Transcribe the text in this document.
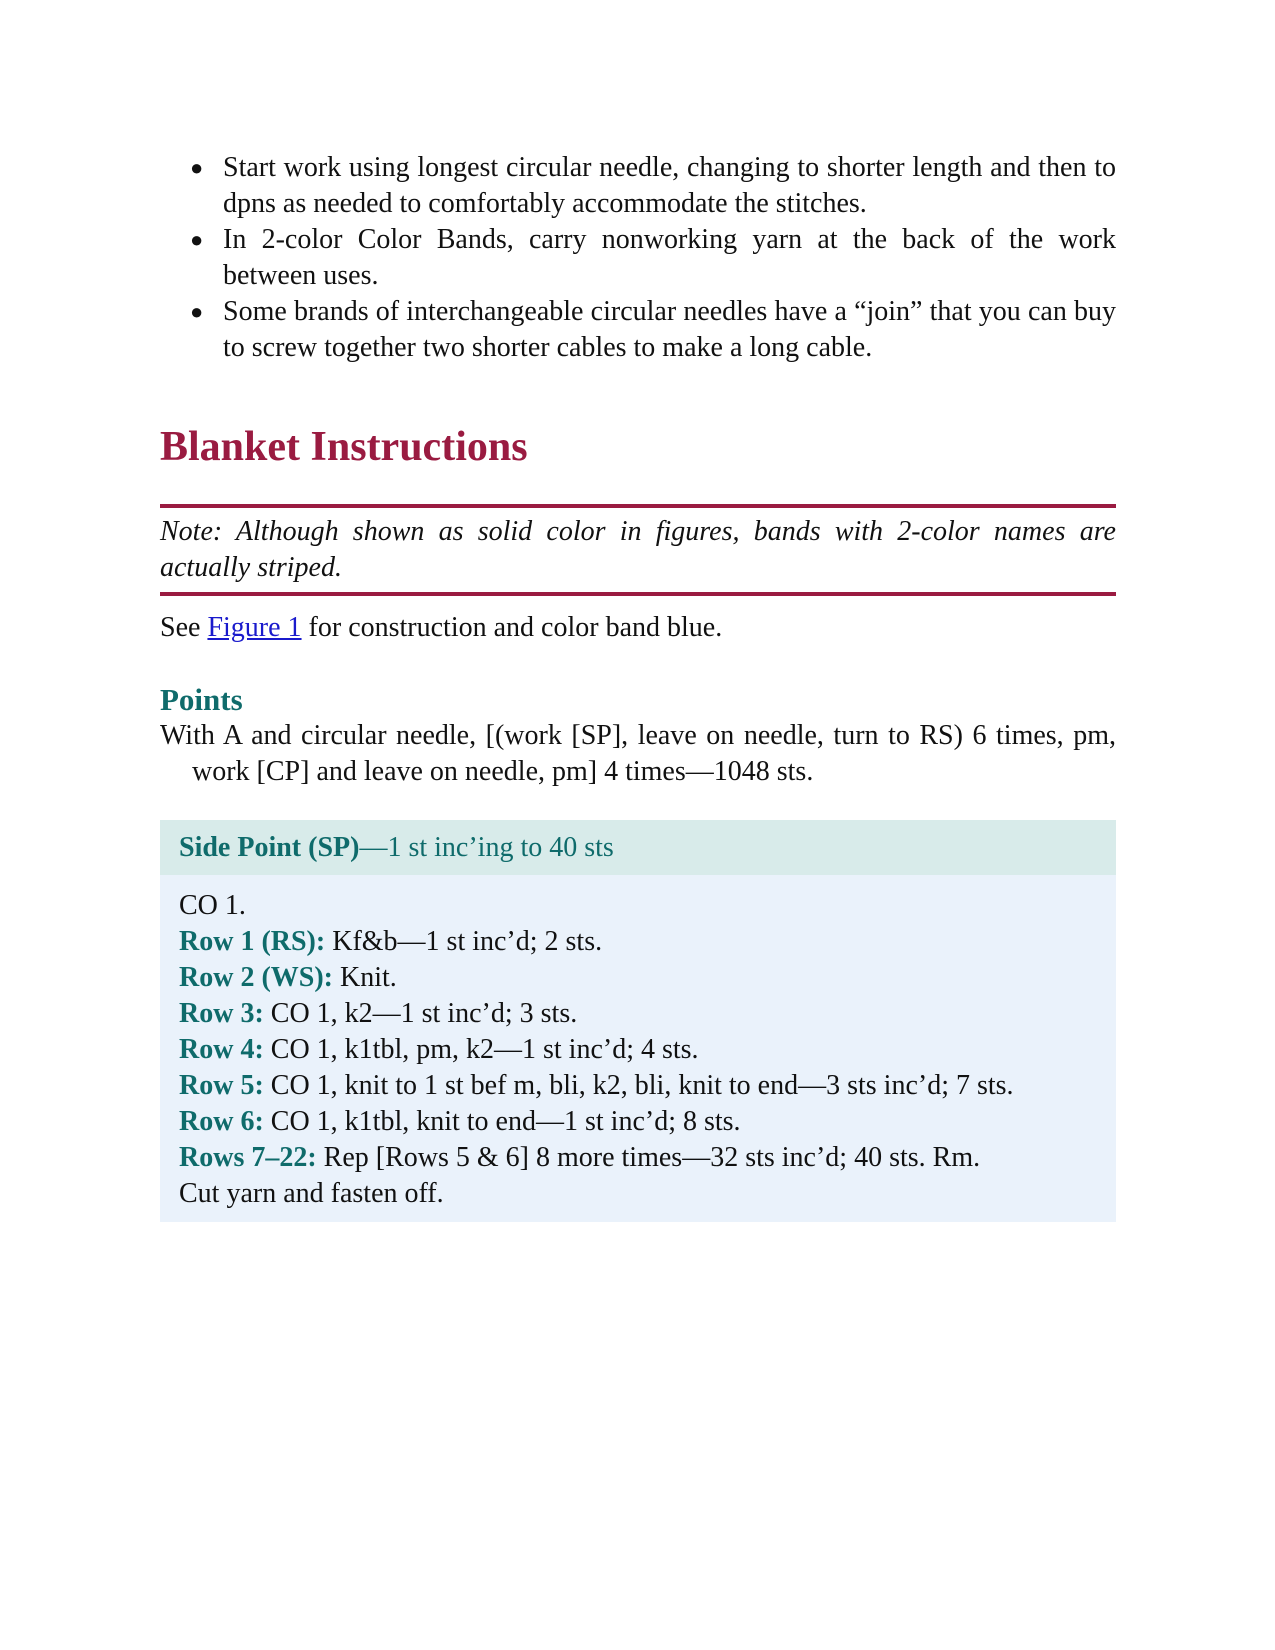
● Start work using longest circular needle, changing to shorter length and then to dpns as needed to comfortably accommodate the stitches.
● In 2-color Color Bands, carry nonworking yarn at the back of the work between uses.
● Some brands of interchangeable circular needles have a “join” that you can buy to screw together two shorter cables to make a long cable.
Blanket Instructions
Note: Although shown as solid color in figures, bands with 2-color names are actually striped.
See Figure 1 for construction and color band blue.
Points
With A and circular needle, [(work [SP], leave on needle, turn to RS) 6 times, pm, work [CP] and leave on needle, pm] 4 times—1048 sts.
Side Point (SP)—1 st inc’ing to 40 sts

CO 1.

Row 1 (RS): Kf&b—1 st inc’d; 2 sts.

Row 2 (WS): Knit.

Row 3: CO 1, k2—1 st inc’d; 3 sts.

Row 4: CO 1, k1tbl, pm, k2—1 st inc’d; 4 sts.

Row 5: CO 1, knit to 1 st bef m, bli, k2, bli, knit to end—3 sts inc’d; 7 sts.

Row 6: CO 1, k1tbl, knit to end—1 st inc’d; 8 sts.

Rows 7–22: Rep [Rows 5 & 6] 8 more times—32 sts inc’d; 40 sts. Rm.

Cut yarn and fasten off.
